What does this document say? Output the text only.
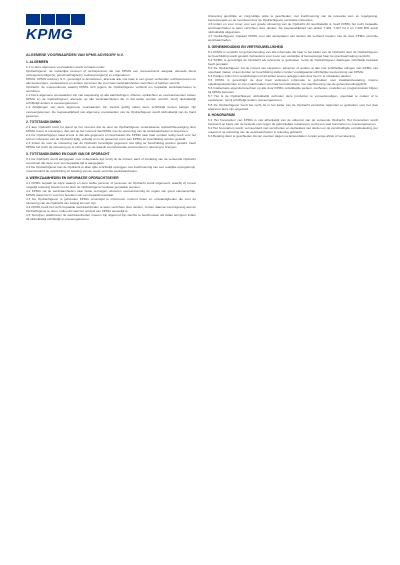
KPMG
ALGEMENE VOORWAARDEN VAN KPMG ADVISORY N.V.
1. ALGEMEEN

1.1 In deze algemene voorwaarden wordt verstaan onder:

Opdrachtgever: de natuurlijke persoon of rechtspersoon die met KPMG een overeenkomst aangaat, alsmede diens vertegenwoordiger(s), gevolmachtigde(n), rechtsopvolger(s) en erfgenamen.

KPMG: KPMG Advisory N.V., gevestigd te Amstelveen, alsmede alle met haar in een groep verbonden rechtspersonen en alle bestuurders, medewerkers en andere personen die voor haar werkzaamheden verrichten of hebben verricht.

Opdracht: de overeenkomst waarbij KPMG zich jegens de Opdrachtgever verbindt om bepaalde werkzaamheden te verrichten.

1.2 Deze algemene voorwaarden zijn van toepassing op alle aanbiedingen, offertes, opdrachten en overeenkomsten tussen KPMG en de Opdrachtgever, alsmede op alle werkzaamheden die in dat kader worden verricht, tenzij uitdrukkelijk schriftelijk anders is overeengekomen.

1.3 Afwijkingen van deze algemene voorwaarden zijn slechts geldig indien deze schriftelijk tussen partijen zijn overeengekomen. De toepasselijkheid van algemene voorwaarden van de Opdrachtgever wordt uitdrukkelijk van de hand gewezen.

2. TOTSTANDKOMING

2.1 Een Opdracht komt tot stand op het moment dat de door de Opdrachtgever ondertekende opdrachtbevestiging door KPMG retour is ontvangen, dan wel op het moment dat KPMG met de uitvoering van de werkzaamheden is begonnen.

2.2 De Opdrachtgever staat ervoor in dat alle gegevens en bescheiden die KPMG naar haar oordeel nodig heeft voor het correct uitvoeren van de Opdracht tijdig, volledig en in de gewenste vorm aan KPMG ter beschikking worden gesteld.

2.3 Indien de voor de uitvoering van de Opdracht benodigde gegevens niet tijdig ter beschikking worden gesteld, heeft KPMG het recht de uitvoering op te schorten en de daaruit voortvloeiende extra kosten in rekening te brengen.

3. TOTSTANDKOMING EN DUUR VAN DE OPDRACHT

3.1 De Opdracht wordt aangegaan voor onbepaalde tijd, tenzij uit de inhoud, aard of strekking van de verleende Opdracht voortvloeit dat deze voor een bepaalde tijd is aangegaan.

3.2 De Opdrachtgever kan de Opdracht te allen tijde schriftelijk opzeggen met inachtneming van een redelijke opzegtermijn, onverminderd de verplichting tot betaling van de reeds verrichte werkzaamheden.

4. WERKZAAMHEDEN EN INFORMATIE OPDRACHTGEVER

4.1 KPMG bepaalt de wijze waarop en door welke persoon of personen de Opdracht wordt uitgevoerd, waarbij zij zoveel mogelijk rekening houdt met de door de Opdrachtgever kenbaar gemaakte wensen.

4.2 KPMG zal de werkzaamheden naar beste vermogen uitvoeren overeenkomstig de regels van goed vakmanschap. KPMG staat niet in voor het bereiken van een bepaald resultaat.

4.3 De Opdrachtgever is gehouden KPMG onverwijld te informeren omtrent feiten en omstandigheden die voor de uitvoering van de Opdracht van belang kunnen zijn.

4.4 KPMG heeft het recht bepaalde werkzaamheden te laten verrichten door derden, zonder daarvan kennisgeving aan de Opdrachtgever te doen, indien dit naar het oordeel van KPMG wenselijk is.

4.5 Termijnen waarbinnen de werkzaamheden moeten zijn afgerond zijn slechts te beschouwen als fatale termijnen indien dit uitdrukkelijk schriftelijk is overeengekomen.

Uitvoering geschikte en zorgvuldige wijze te geschieden, met inachtneming van de relevante wet- en regelgeving, beroepsregels en de eventueel door de Opdrachtgever verstrekte instructies.

4.6 Indien en voor zover voor een goede uitvoering van de Opdracht dit noodzakelijk is, heeft KPMG het recht bepaalde werkzaamheden te laten verrichten door derden. De toepasselijkheid van artikel 7:404, 7:407 lid 2 en 7:409 BW wordt uitdrukkelijk uitgesloten.

4.7 Opdrachtgever vrijwaart KPMG voor alle aanspraken van derden die verband houden met de door KPMG verrichte werkzaamheden.

5. GEHEIMHOUDING EN VERTROUWELIJKHEID

5.1 KPMG is verplicht tot geheimhouding van alle informatie die haar in het kader van de Opdracht door de Opdrachtgever ter beschikking wordt gesteld, behoudens voor zover een wettelijke of beroepsregel haar tot openbaarmaking verplicht.

5.2 KPMG is gerechtigd de Opdracht als referentie te gebruiken, tenzij de Opdrachtgever daartegen schriftelijk bezwaar heeft gemaakt.

5.3 De Opdrachtgever zal de inhoud van rapporten, adviezen of andere al dan niet schriftelijke uitingen van KPMG niet openbaar maken of aan derden ter beschikking stellen zonder voorafgaande schriftelijke toestemming van KPMG.

5.4 Partijen zullen hun verplichtingen uit dit artikel tevens opleggen aan door hen in te schakelen derden.

5.5 KPMG is gerechtigd de door haar verkregen informatie te gebruiken voor kwaliteitsbewaking, interne opleidingsdoeleinden en het onderhouden van haar kennisbestand, met inachtneming van de geheimhoudingsplicht.

5.6 Intellectuele eigendomsrechten op alle door KPMG ontwikkelde werken, methoden, modellen en programmatuur blijven bij KPMG berusten.

5.7 Het is de Opdrachtgever uitdrukkelijk verboden deze producten te verveelvoudigen, openbaar te maken of te exploiteren, tenzij schriftelijk anders overeengekomen.

5.8 De Opdrachtgever heeft het recht de in het kader van de Opdracht verstrekte rapporten te gebruiken voor het doel waarvoor deze zijn opgesteld.

6. HONORARIUM

6.1 Het honorarium van KPMG is niet afhankelijk van de uitkomst van de verleende Opdracht. Het honorarium wordt berekend op basis van de bestede uren tegen de gebruikelijke uurtarieven, tenzij een vast honorarium is overeengekomen.

6.2 Het honorarium wordt, vermeerderd met verschotten en declaraties van derden en de verschuldigde omzetbelasting, per maand of na voltooiing van de werkzaamheden in rekening gebracht.

6.3 Betaling dient te geschieden binnen veertien dagen na factuurdatum zonder enige aftrek of verrekening.
